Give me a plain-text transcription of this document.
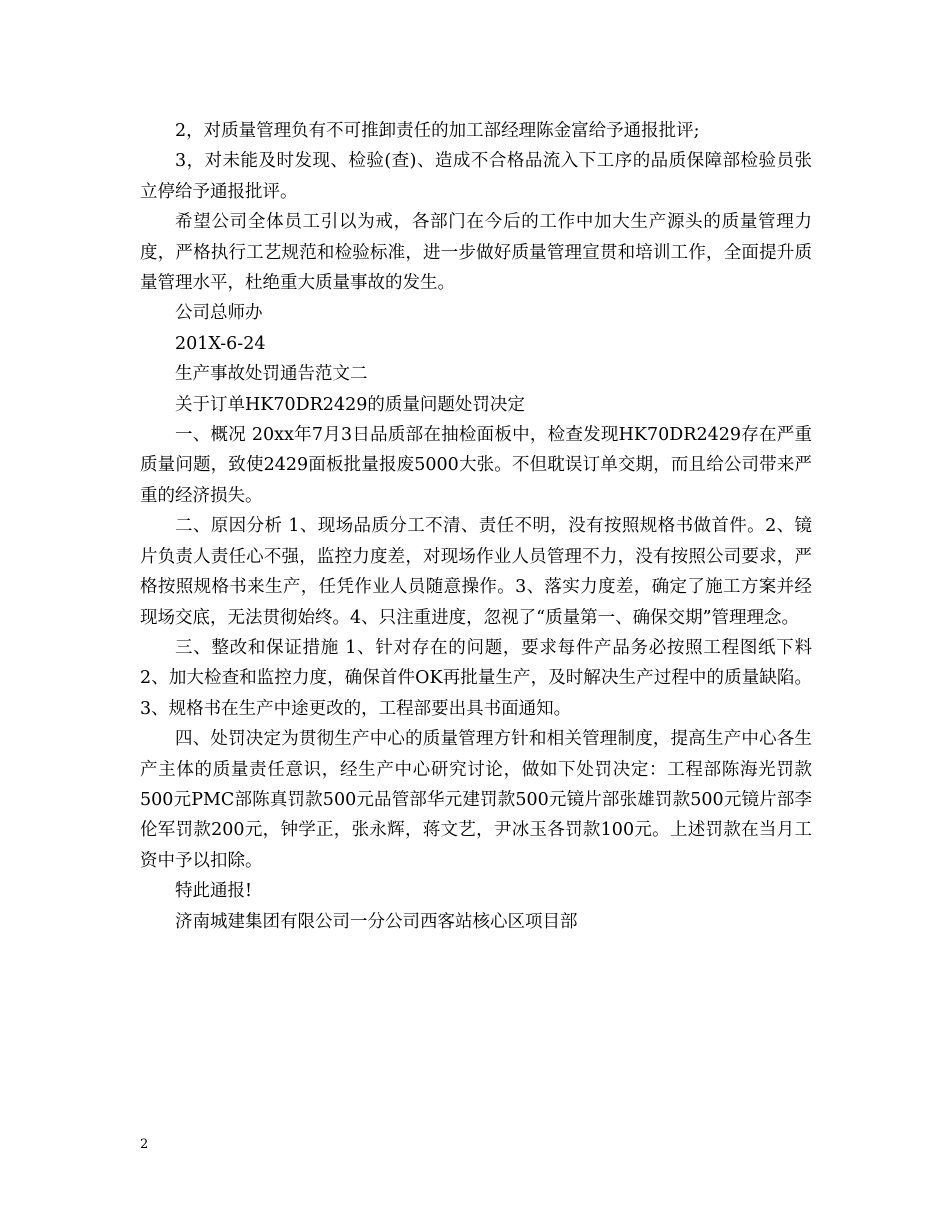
2，对质量管理负有不可推卸责任的加工部经理陈金富给予通报批评;

3，对未能及时发现、检验(查)、造成不合格品流入下工序的品质保障部检验员张立停给予通报批评。

希望公司全体员工引以为戒，各部门在今后的工作中加大生产源头的质量管理力度，严格执行工艺规范和检验标准，进一步做好质量管理宣贯和培训工作，全面提升质量管理水平，杜绝重大质量事故的发生。

公司总师办

201X-6-24

生产事故处罚通告范文二

关于订单HK70DR2429的质量问题处罚决定

一、概况 20xx年7月3日品质部在抽检面板中，检查发现HK70DR2429存在严重质量问题，致使2429面板批量报废5000大张。不但耽误订单交期，而且给公司带来严重的经济损失。

二、原因分析 1、现场品质分工不清、责任不明，没有按照规格书做首件。2、镜片负责人责任心不强，监控力度差，对现场作业人员管理不力，没有按照公司要求，严格按照规格书来生产，任凭作业人员随意操作。3、落实力度差，确定了施工方案并经现场交底，无法贯彻始终。4、只注重进度，忽视了“质量第一、确保交期”管理理念。

三、整改和保证措施 1、针对存在的问题，要求每件产品务必按照工程图纸下料 2、加大检查和监控力度，确保首件OK再批量生产，及时解决生产过程中的质量缺陷。3、规格书在生产中途更改的，工程部要出具书面通知。

四、处罚决定为贯彻生产中心的质量管理方针和相关管理制度，提高生产中心各生产主体的质量责任意识，经生产中心研究讨论，做如下处罚决定：工程部陈海光罚款500元PMC部陈真罚款500元品管部华元建罚款500元镜片部张雄罚款500元镜片部李伦军罚款200元，钟学正，张永辉，蒋文艺，尹冰玉各罚款100元。上述罚款在当月工资中予以扣除。

特此通报!

济南城建集团有限公司一分公司西客站核心区项目部

2
